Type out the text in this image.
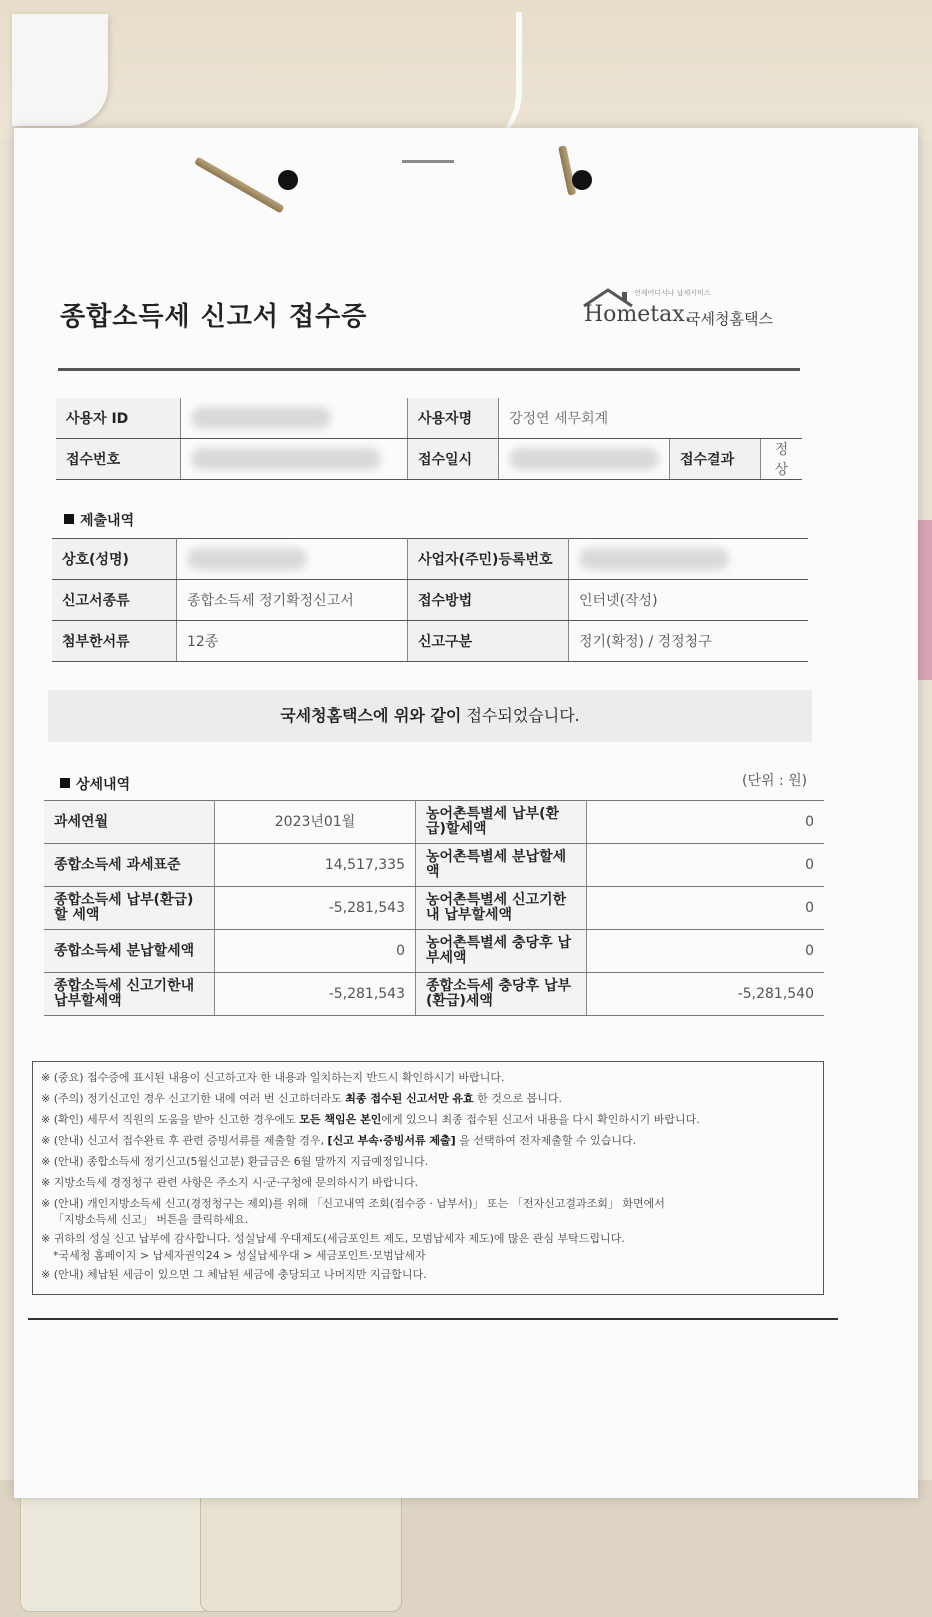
종합소득세 신고서 접수증
언제어디서나 납세서비스
Hometax.
국세청홈택스
사용자 ID		사용자명	강정연 세무회계		
접수번호		접수일시		접수결과	정상
제출내역
상호(성명)		사업자(주민)등록번호	
신고서종류	종합소득세 정기확정신고서	접수방법	인터넷(작성)
첨부한서류	12종	신고구분	정기(확정) / 경정청구
국세청홈택스에 위와 같이 접수되었습니다.
상세내역	(단위 : 원)
과세연월	2023년01월	농어촌특별세 납부(환급)할세액	0
종합소득세 과세표준	14,517,335	농어촌특별세 분납할세액	0
종합소득세 납부(환급)할 세액	-5,281,543	농어촌특별세 신고기한내 납부할세액	0
종합소득세 분납할세액	0	농어촌특별세 충당후 납부세액	0
종합소득세 신고기한내 납부할세액	-5,281,543	종합소득세 충당후 납부(환급)세액	-5,281,540
※ (중요) 접수증에 표시된 내용이 신고하고자 한 내용과 일치하는지 반드시 확인하시기 바랍니다.
※ (주의) 정기신고인 경우 신고기한 내에 여러 번 신고하더라도 최종 접수된 신고서만 유효 한 것으로 봅니다.
※ (확인) 세무서 직원의 도움을 받아 신고한 경우에도 모든 책임은 본인에게 있으니 최종 접수된 신고서 내용을 다시 확인하시기 바랍니다.
※ (안내) 신고서 접수완료 후 관련 증빙서류를 제출할 경우, [신고 부속·증빙서류 제출] 을 선택하여 전자제출할 수 있습니다.
※ (안내) 종합소득세 정기신고(5월신고분) 환급금은 6월 말까지 지급예정입니다.
※ 지방소득세 경정청구 관련 사항은 주소지 시·군·구청에 문의하시기 바랍니다.
※ (안내) 개인지방소득세 신고(경정청구는 제외)를 위해 「신고내역 조회(접수증 · 납부서)」 또는 「전자신고결과조회」 화면에서
「지방소득세 신고」 버튼을 클릭하세요.
※ 귀하의 성실 신고 납부에 감사합니다. 성실납세 우대제도(세금포인트 제도, 모범납세자 제도)에 많은 관심 부탁드립니다.
*국세청 홈페이지 > 납세자권익24 > 성실납세우대 > 세금포인트·모범납세자
※ (안내) 체납된 세금이 있으면 그 체납된 세금에 충당되고 나머지만 지급합니다.
